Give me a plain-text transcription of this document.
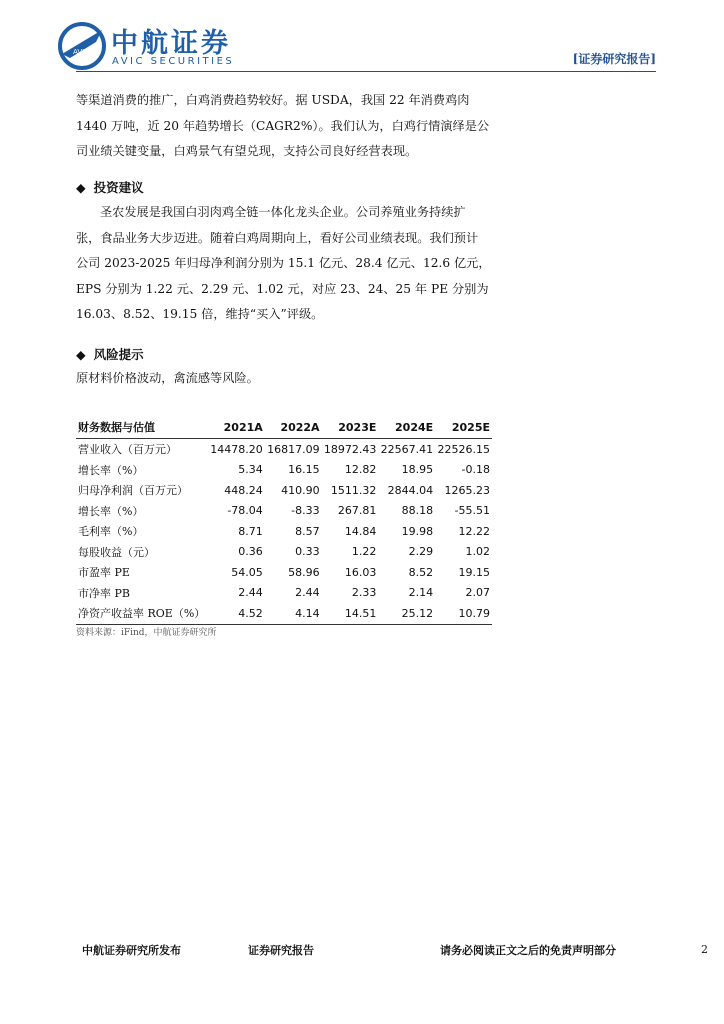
AVIC 中航证券
AVIC SECURITIES	[证券研究报告]

等渠道消费的推广，白鸡消费趋势较好。据 USDA，我国 22 年消费鸡肉

1440 万吨，近 20 年趋势增长（CAGR2%）。我们认为，白鸡行情演绎是公

司业绩关键变量，白鸡景气有望兑现，支持公司良好经营表现。

◆ 投资建议

圣农发展是我国白羽肉鸡全链一体化龙头企业。公司养殖业务持续扩

张，食品业务大步迈进。随着白鸡周期向上，看好公司业绩表现。我们预计

公司 2023-2025 年归母净利润分别为 15.1 亿元、28.4 亿元、12.6 亿元，

EPS 分别为 1.22 元、2.29 元、1.02 元，对应 23、24、25 年 PE 分别为

16.03、8.52、19.15 倍，维持“买入”评级。

◆ 风险提示

原材料价格波动，禽流感等风险。

财务数据与估值	2021A	2022A	2023E	2024E	2025E
营业收入（百万元）	14478.20	16817.09	18972.43	22567.41	22526.15
增长率（%）	5.34	16.15	12.82	18.95	-0.18
归母净利润（百万元）	448.24	410.90	1511.32	2844.04	1265.23
增长率（%）	-78.04	-8.33	267.81	88.18	-55.51
毛利率（%）	8.71	8.57	14.84	19.98	12.22
每股收益（元）	0.36	0.33	1.22	2.29	1.02
市盈率 PE	54.05	58.96	16.03	8.52	19.15
市净率 PB	2.44	2.44	2.33	2.14	2.07
净资产收益率 ROE（%）	4.52	4.14	14.51	25.12	10.79
资料来源：iFind，中航证券研究所
中航证券研究所发布	证券研究报告	请务必阅读正文之后的免责声明部分	2
